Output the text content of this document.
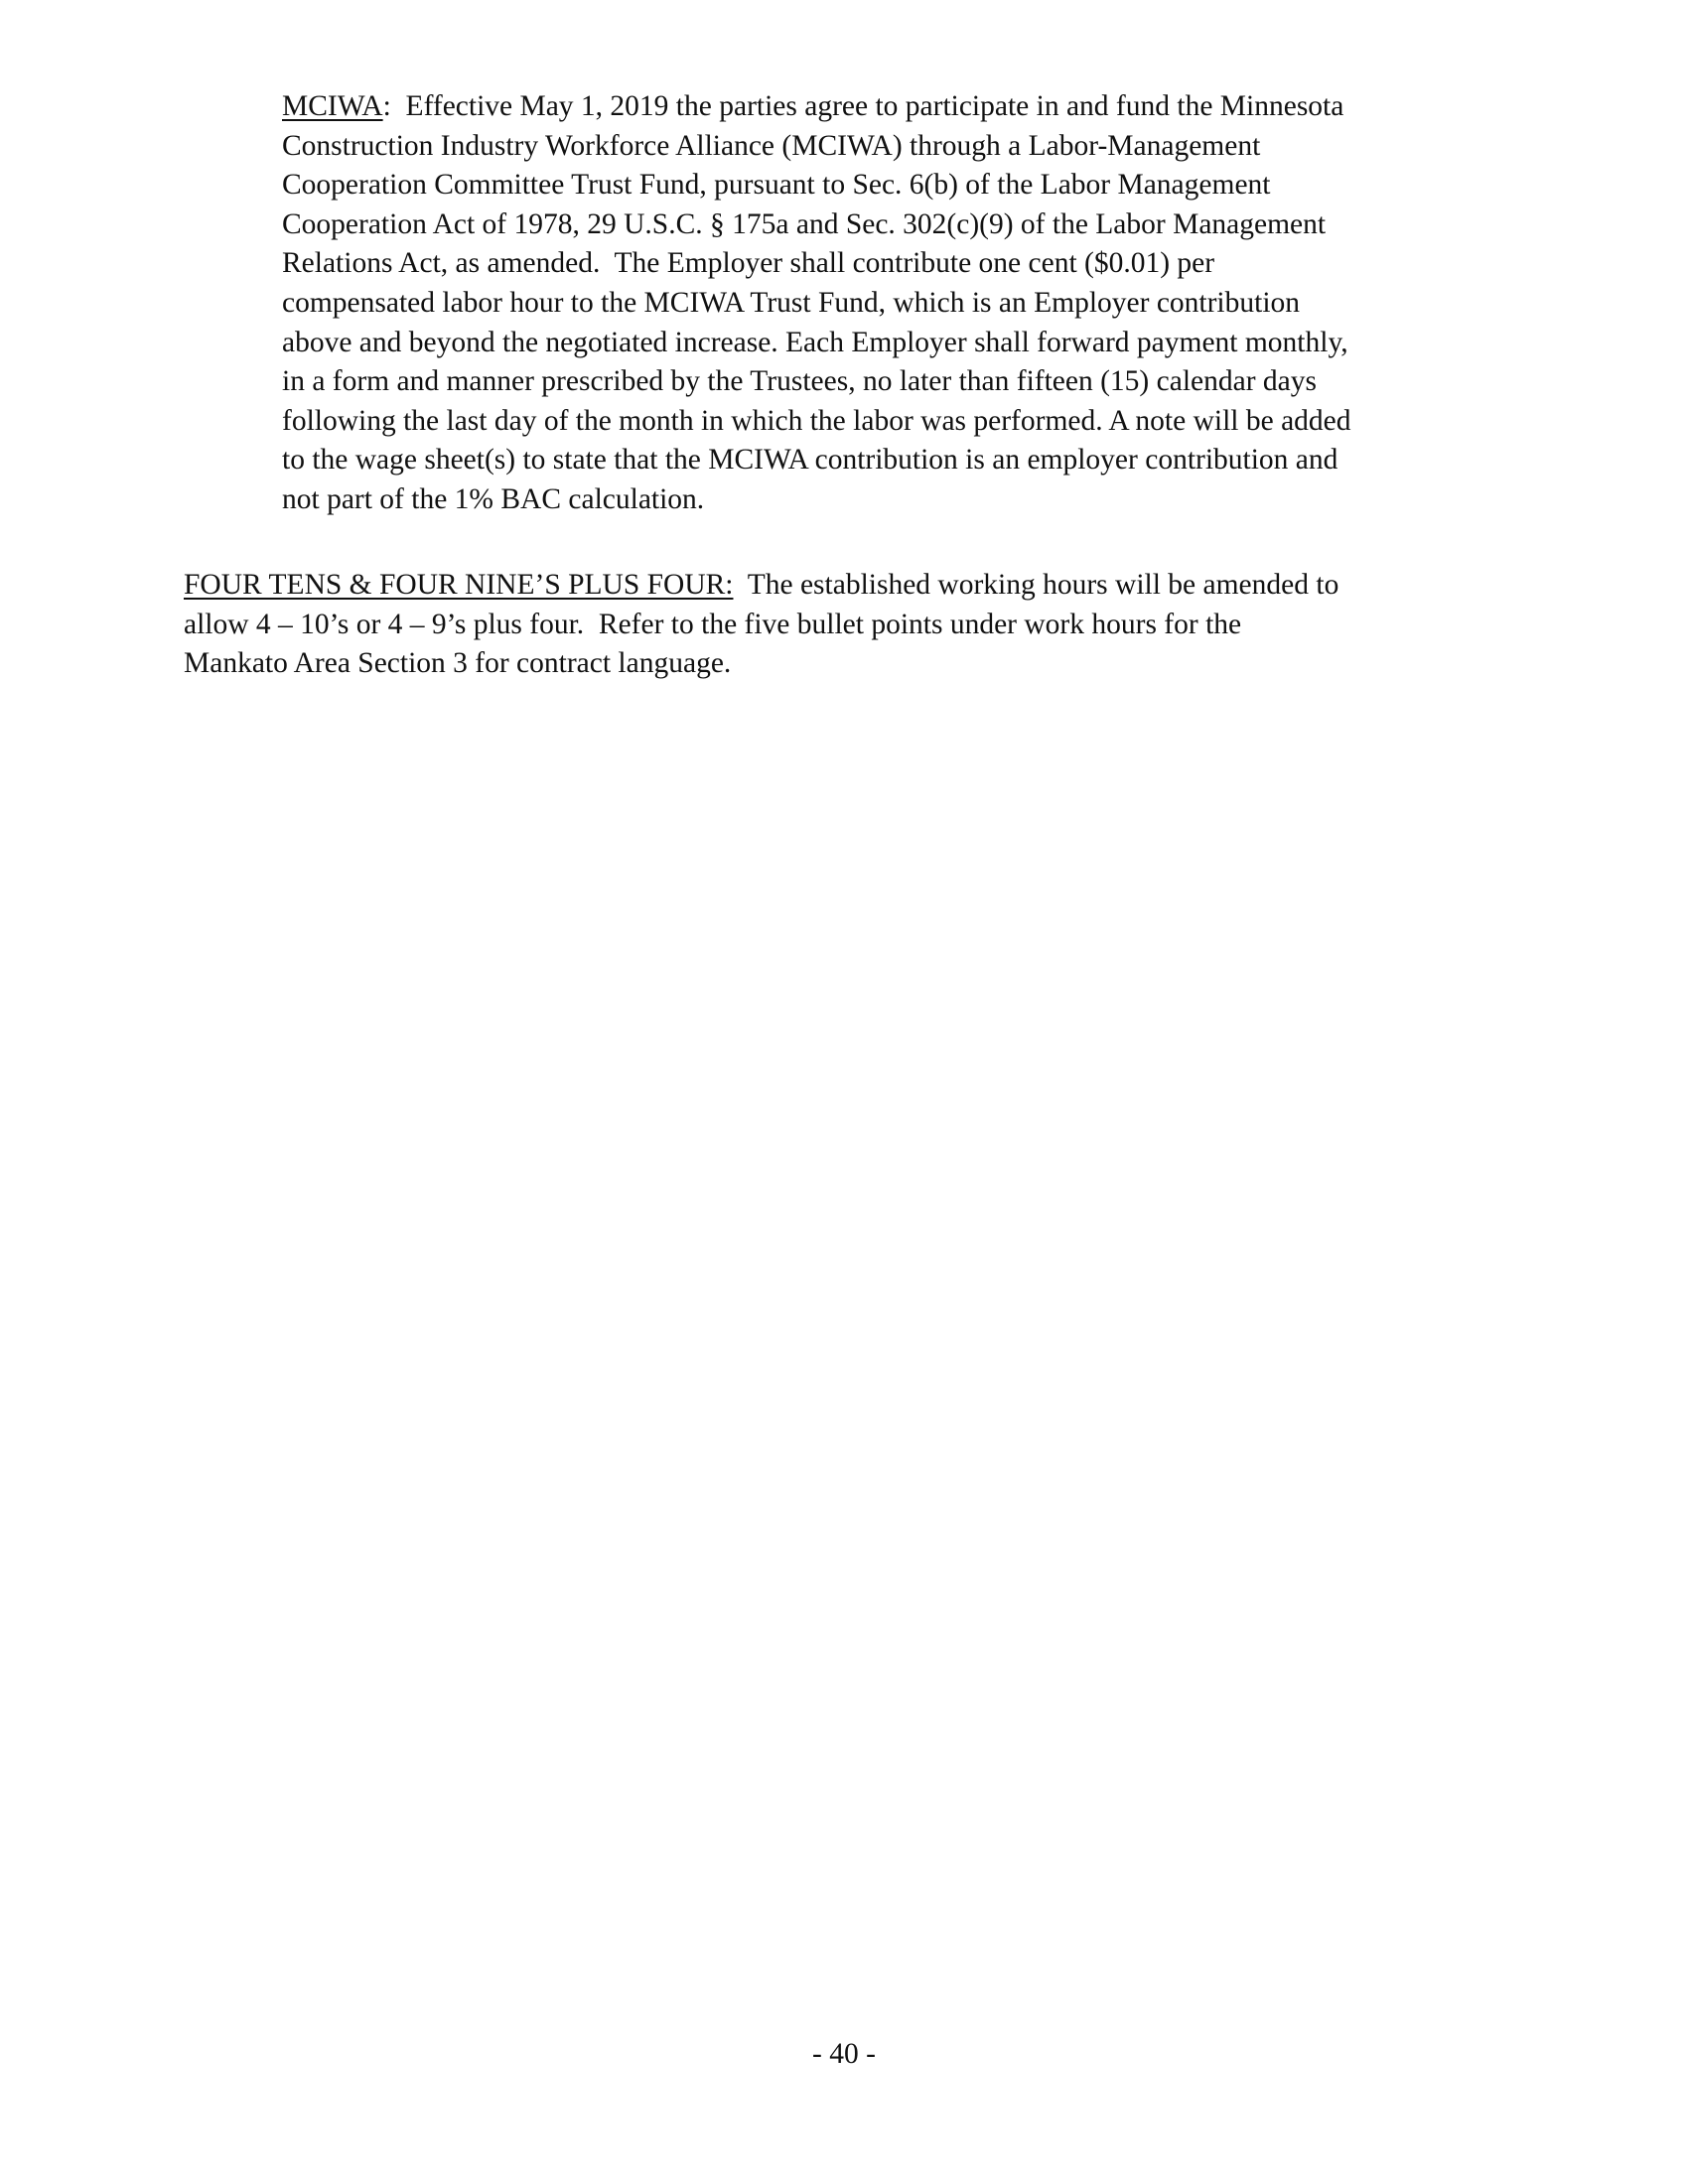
MCIWA:  Effective May 1, 2019 the parties agree to participate in and fund the Minnesota
Construction Industry Workforce Alliance (MCIWA) through a Labor-Management
Cooperation Committee Trust Fund, pursuant to Sec. 6(b) of the Labor Management
Cooperation Act of 1978, 29 U.S.C. § 175a and Sec. 302(c)(9) of the Labor Management
Relations Act, as amended.  The Employer shall contribute one cent ($0.01) per
compensated labor hour to the MCIWA Trust Fund, which is an Employer contribution
above and beyond the negotiated increase. Each Employer shall forward payment monthly,
in a form and manner prescribed by the Trustees, no later than fifteen (15) calendar days
following the last day of the month in which the labor was performed. A note will be added
to the wage sheet(s) to state that the MCIWA contribution is an employer contribution and
not part of the 1% BAC calculation.

FOUR TENS & FOUR NINE’S PLUS FOUR:  The established working hours will be amended to
allow 4 – 10’s or 4 – 9’s plus four.  Refer to the five bullet points under work hours for the
Mankato Area Section 3 for contract language.

- 40 -
